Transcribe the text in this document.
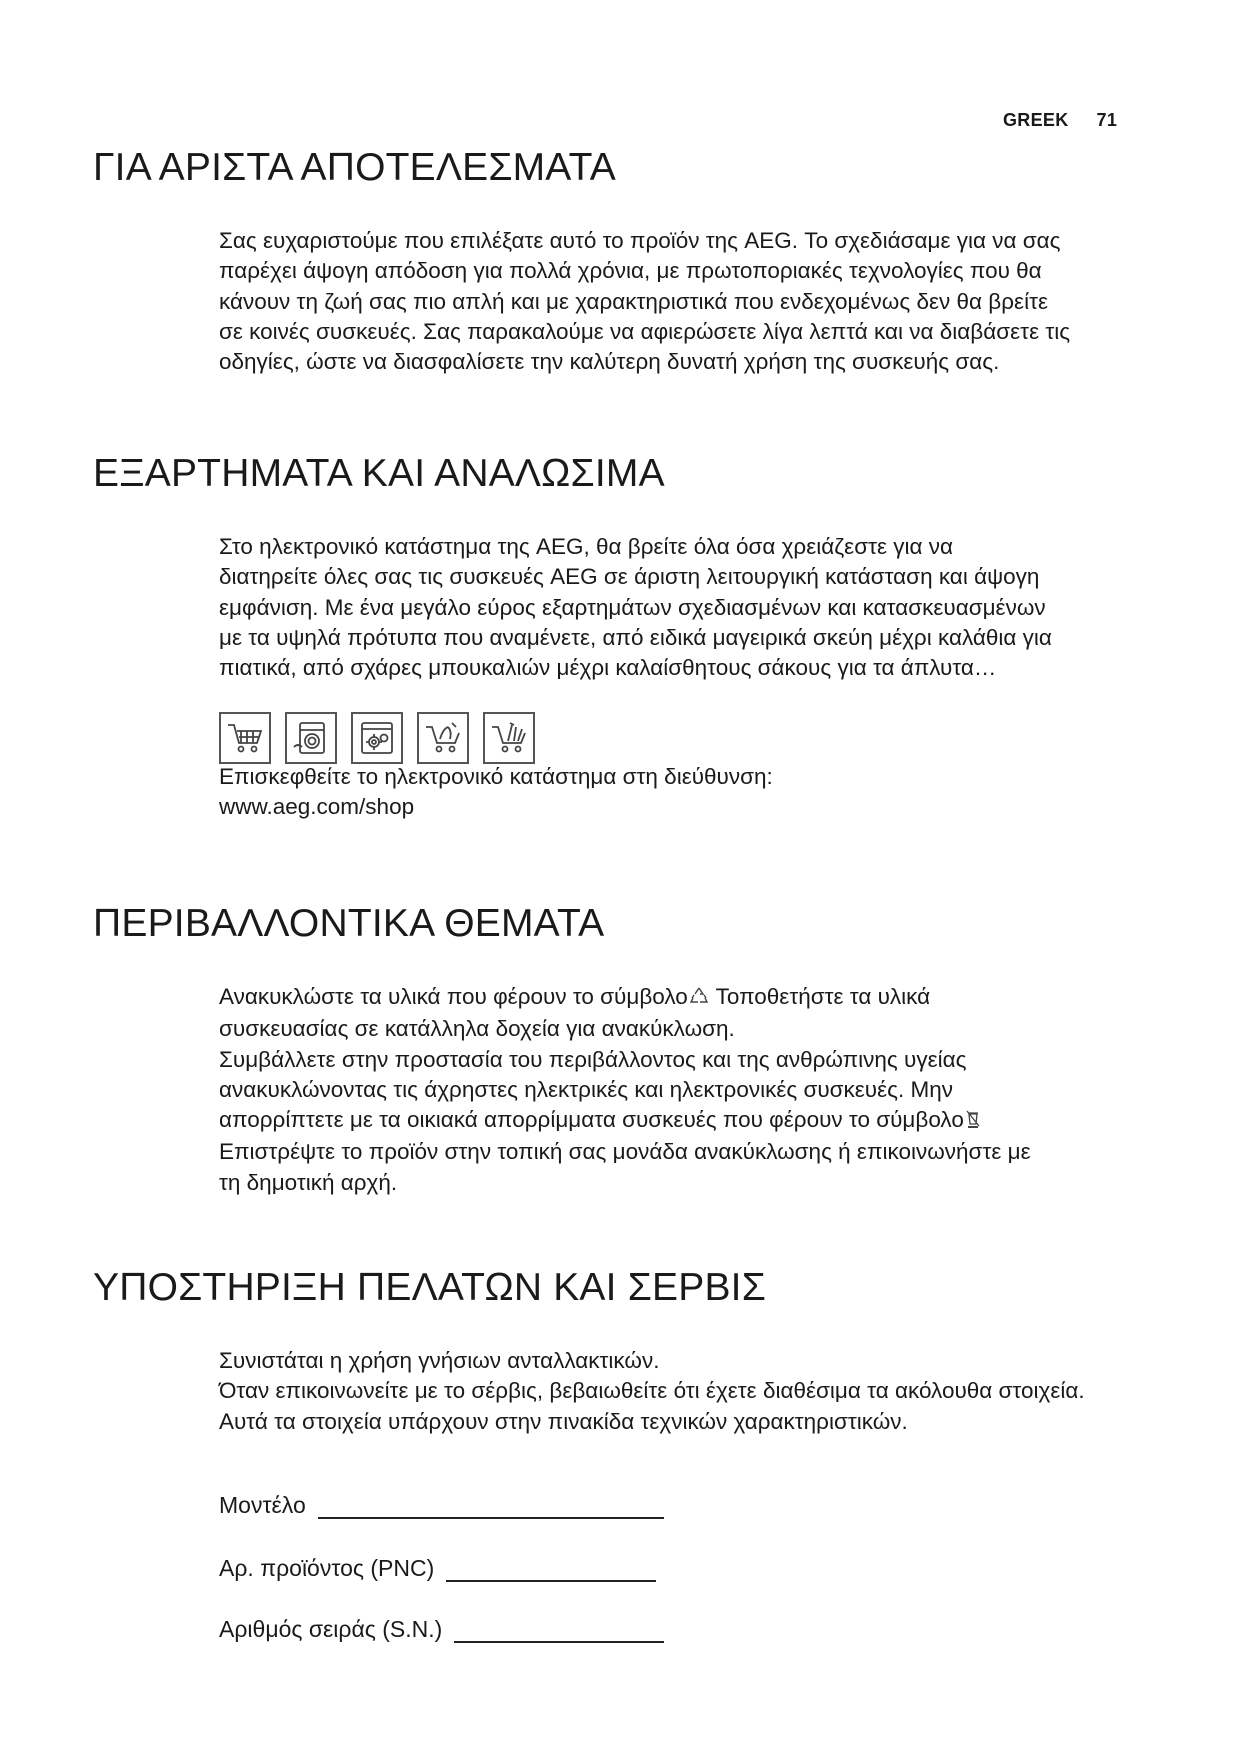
GREEK 71
ΓΙΑ ΑΡΙΣΤΑ ΑΠΟΤΕΛΕΣΜΑΤΑ
Σας ευχαριστούμε που επιλέξατε αυτό το προϊόν της AEG. Το σχεδιάσαμε για να σας
παρέχει άψογη απόδοση για πολλά χρόνια, με πρωτοποριακές τεχνολογίες που θα
κάνουν τη ζωή σας πιο απλή και με χαρακτηριστικά που ενδεχομένως δεν θα βρείτε
σε κοινές συσκευές. Σας παρακαλούμε να αφιερώσετε λίγα λεπτά και να διαβάσετε τις
οδηγίες, ώστε να διασφαλίσετε την καλύτερη δυνατή χρήση της συσκευής σας.
ΕΞΑΡΤΗΜΑΤΑ ΚΑΙ ΑΝΑΛΩΣΙΜΑ
Στο ηλεκτρονικό κατάστημα της AEG, θα βρείτε όλα όσα χρειάζεστε για να
διατηρείτε όλες σας τις συσκευές AEG σε άριστη λειτουργική κατάσταση και άψογη
εμφάνιση. Με ένα μεγάλο εύρος εξαρτημάτων σχεδιασμένων και κατασκευασμένων
με τα υψηλά πρότυπα που αναμένετε, από ειδικά μαγειρικά σκεύη μέχρι καλάθια για
πιατικά, από σχάρες μπουκαλιών μέχρι καλαίσθητους σάκους για τα άπλυτα…
Επισκεφθείτε το ηλεκτρονικό κατάστημα στη διεύθυνση:
www.aeg.com/shop
ΠΕΡΙΒΑΛΛΟΝΤΙΚΑ ΘΕΜΑΤΑ
Ανακυκλώστε τα υλικά που φέρουν το σύμβολο Τοποθετήστε τα υλικά
συσκευασίας σε κατάλληλα δοχεία για ανακύκλωση.
Συμβάλλετε στην προστασία του περιβάλλοντος και της ανθρώπινης υγείας
ανακυκλώνοντας τις άχρηστες ηλεκτρικές και ηλεκτρονικές συσκευές. Μην
απορρίπτετε με τα οικιακά απορρίμματα συσκευές που φέρουν το σύμβολο
Επιστρέψτε το προϊόν στην τοπική σας μονάδα ανακύκλωσης ή επικοινωνήστε με
τη δημοτική αρχή.
ΥΠΟΣΤΗΡΙΞΗ ΠΕΛΑΤΩΝ ΚΑΙ ΣΕΡΒΙΣ
Συνιστάται η χρήση γνήσιων ανταλλακτικών.
Όταν επικοινωνείτε με το σέρβις, βεβαιωθείτε ότι έχετε διαθέσιμα τα ακόλουθα στοιχεία.
Αυτά τα στοιχεία υπάρχουν στην πινακίδα τεχνικών χαρακτηριστικών.
Μοντέλο
Αρ. προϊόντος (PNC)
Αριθμός σειράς (S.N.)
